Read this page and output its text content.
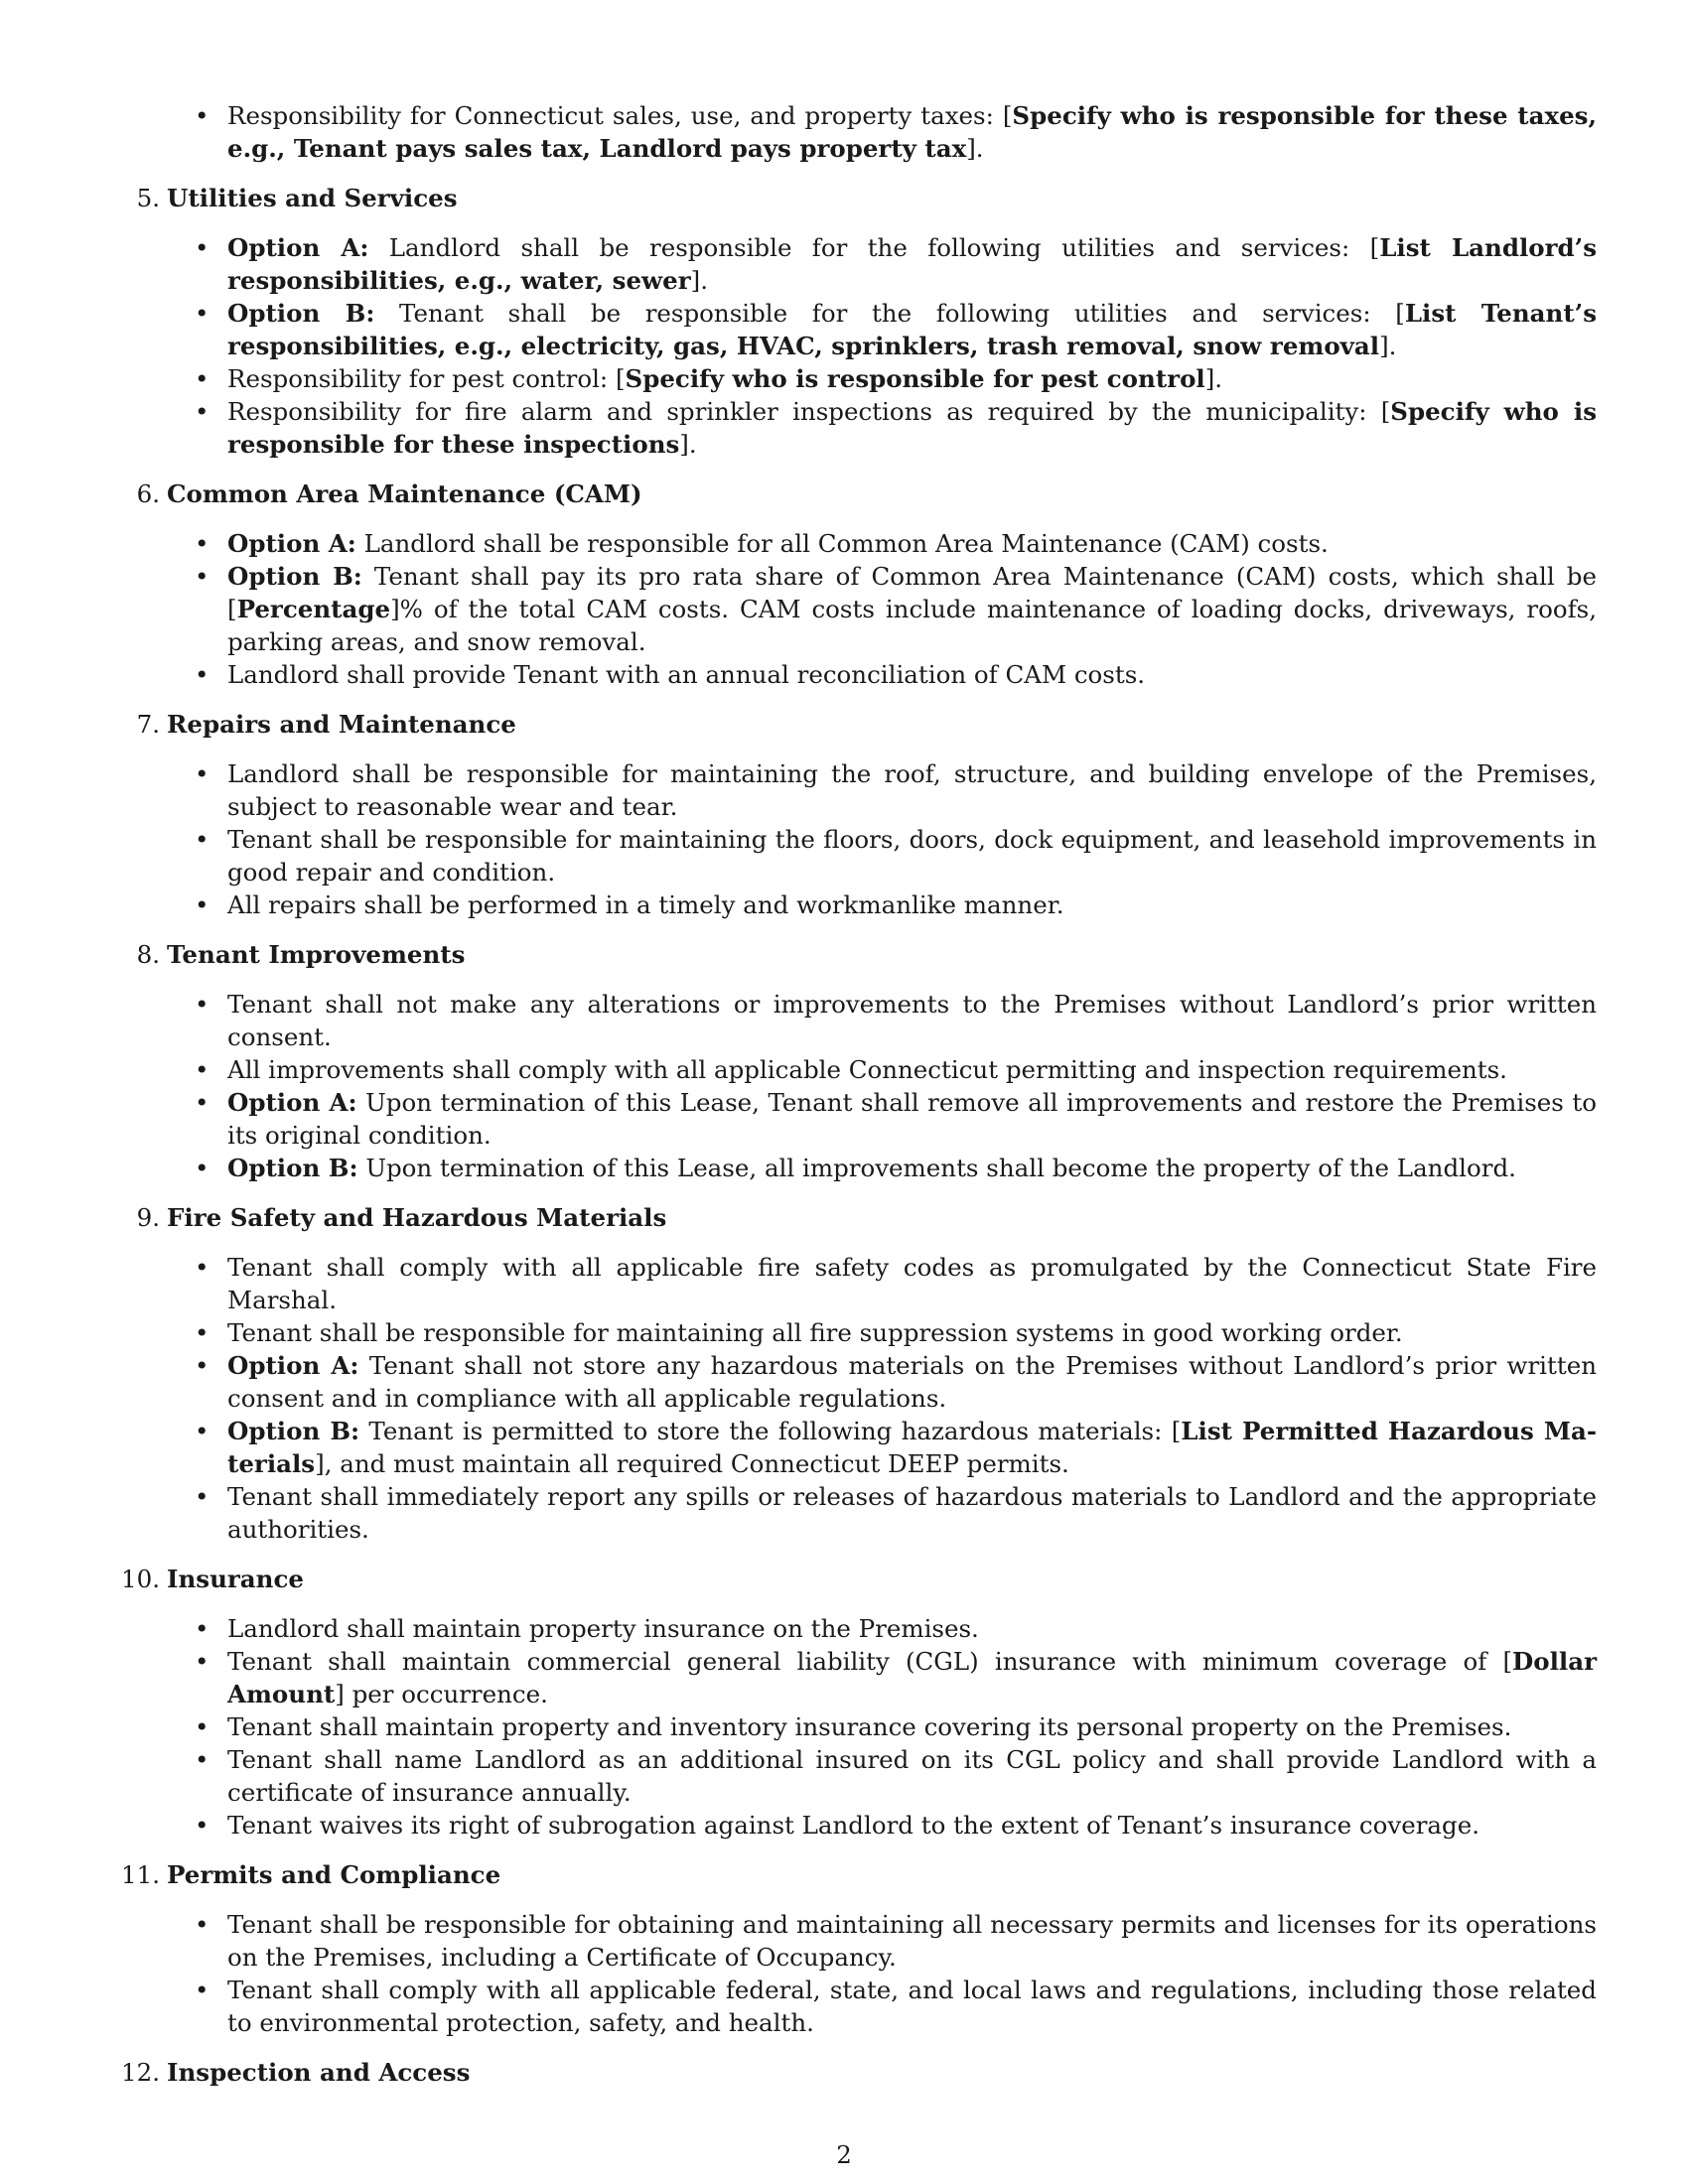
• Responsibility for Connecticut sales, use, and property taxes: [Specify who is responsible for these taxes, e.g., Tenant pays sales tax, Landlord pays property tax].
5. Utilities and Services
• Option A: Landlord shall be responsible for the following utilities and services: [List Landlord’s responsibilities, e.g., water, sewer].
• Option B: Tenant shall be responsible for the following utilities and services: [List Tenant’s responsibilities, e.g., electricity, gas, HVAC, sprinklers, trash removal, snow removal].
• Responsibility for pest control: [Specify who is responsible for pest control].
• Responsibility for fire alarm and sprinkler inspections as required by the municipality: [Specify who is responsible for these inspections].
6. Common Area Maintenance (CAM)
• Option A: Landlord shall be responsible for all Common Area Maintenance (CAM) costs.
• Option B: Tenant shall pay its pro rata share of Common Area Maintenance (CAM) costs, which shall be [Percentage]% of the total CAM costs. CAM costs include maintenance of loading docks, driveways, roofs, parking areas, and snow removal.
• Landlord shall provide Tenant with an annual reconciliation of CAM costs.
7. Repairs and Maintenance
• Landlord shall be responsible for maintaining the roof, structure, and building envelope of the Premises, subject to reasonable wear and tear.
• Tenant shall be responsible for maintaining the floors, doors, dock equipment, and leasehold improvements in good repair and condition.
• All repairs shall be performed in a timely and workmanlike manner.
8. Tenant Improvements
• Tenant shall not make any alterations or improvements to the Premises without Landlord’s prior written consent.
• All improvements shall comply with all applicable Connecticut permitting and inspection requirements.
• Option A: Upon termination of this Lease, Tenant shall remove all improvements and restore the Premises to its original condition.
• Option B: Upon termination of this Lease, all improvements shall become the property of the Landlord.
9. Fire Safety and Hazardous Materials
• Tenant shall comply with all applicable fire safety codes as promulgated by the Connecticut State Fire Marshal.
• Tenant shall be responsible for maintaining all fire suppression systems in good working order.
• Option A: Tenant shall not store any hazardous materials on the Premises without Landlord’s prior written consent and in compliance with all applicable regulations.
• Option B: Tenant is permitted to store the following hazardous materials: [List Permitted Hazardous Materials], and must maintain all required Connecticut DEEP permits.
• Tenant shall immediately report any spills or releases of hazardous materials to Landlord and the appropriate authorities.
10. Insurance
• Landlord shall maintain property insurance on the Premises.
• Tenant shall maintain commercial general liability (CGL) insurance with minimum coverage of [Dollar Amount] per occurrence.
• Tenant shall maintain property and inventory insurance covering its personal property on the Premises.
• Tenant shall name Landlord as an additional insured on its CGL policy and shall provide Landlord with a certificate of insurance annually.
• Tenant waives its right of subrogation against Landlord to the extent of Tenant’s insurance coverage.
11. Permits and Compliance
• Tenant shall be responsible for obtaining and maintaining all necessary permits and licenses for its operations on the Premises, including a Certificate of Occupancy.
• Tenant shall comply with all applicable federal, state, and local laws and regulations, including those related to environmental protection, safety, and health.
12. Inspection and Access
2
